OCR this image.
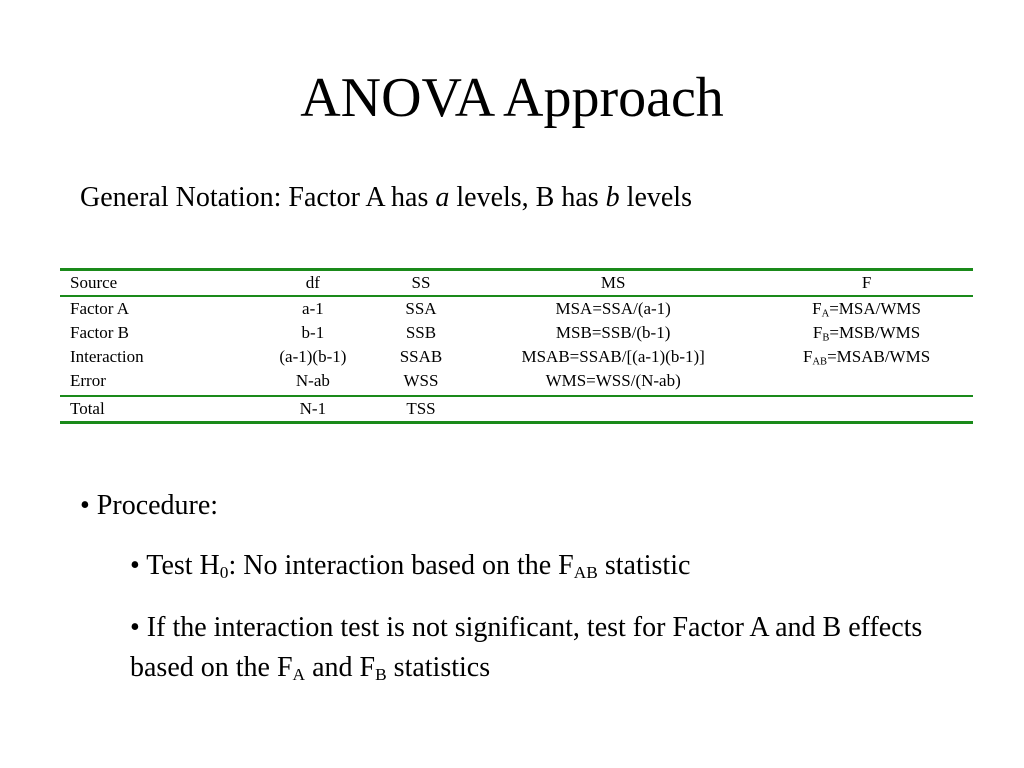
ANOVA Approach
General Notation: Factor A has a levels, B has b levels
Source	df	SS	MS	F
Factor A	a-1	SSA	MSA=SSA/(a-1)	$F_A=MSA$/WMS
Factor B	b-1	SSB	MSB=SSB/(b-1)	$F_B=MSB$/WMS
Interaction	(a-1)(b-1)	SSAB	MSAB=SSAB/[(a-1)(b-1)]	$F_{AB}=MSAB$/WMS
Error	N-ab	WSS	WMS=WSS/(N-ab)	
Total	N-1	TSS		
• Procedure:
• Test $H_0$: No interaction based on the $F_{AB}$ statistic
• If the interaction test is not significant, test for Factor A and B effects based on the $F_A$ and $F_B$ statistics
